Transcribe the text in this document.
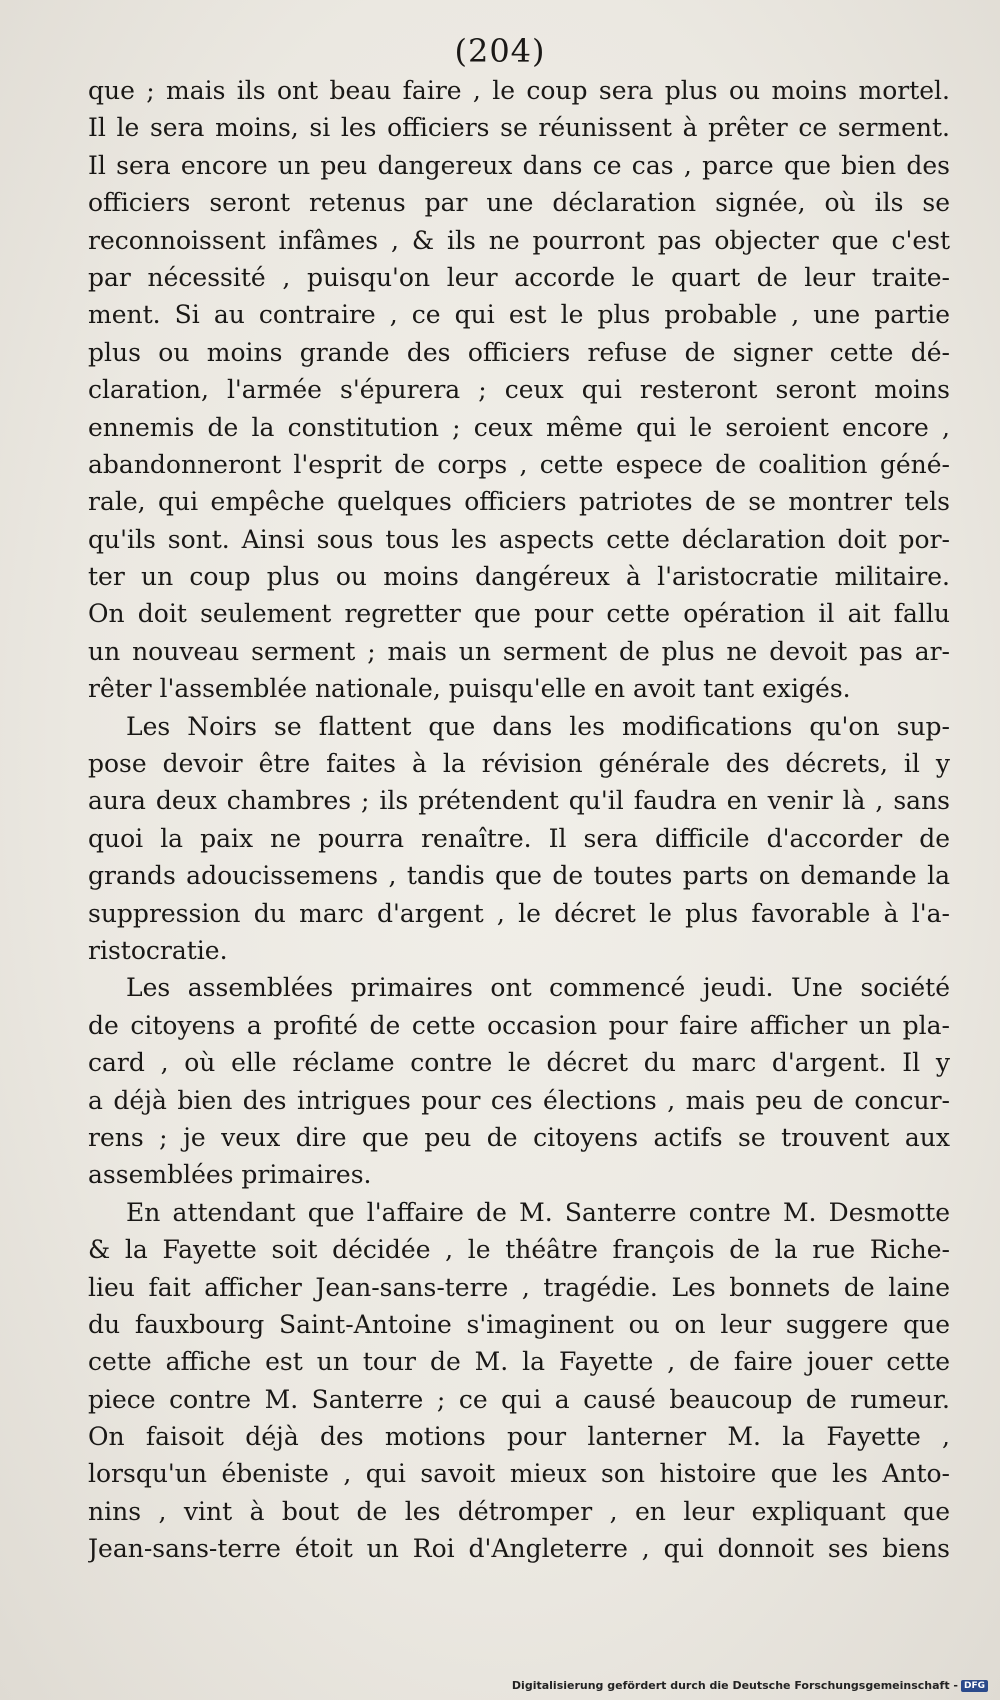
(204)
que ; mais ils ont beau faire , le coup sera plus ou moins mortel.
Il le sera moins, si les officiers se réunissent à prêter ce serment.
Il sera encore un peu dangereux dans ce cas , parce que bien des
officiers seront retenus par une déclaration signée, où ils se
reconnoissent infâmes , & ils ne pourront pas objecter que c'est
par nécessité , puisqu'on leur accorde le quart de leur traite-
ment. Si au contraire , ce qui est le plus probable , une partie
plus ou moins grande des officiers refuse de signer cette dé-
claration, l'armée s'épurera ; ceux qui resteront seront moins
ennemis de la constitution ; ceux même qui le seroient encore ,
abandonneront l'esprit de corps , cette espece de coalition géné-
rale, qui empêche quelques officiers patriotes de se montrer tels
qu'ils sont. Ainsi sous tous les aspects cette déclaration doit por-
ter un coup plus ou moins dangéreux à l'aristocratie militaire.
On doit seulement regretter que pour cette opération il ait fallu
un nouveau serment ; mais un serment de plus ne devoit pas ar-
rêter l'assemblée nationale, puisqu'elle en avoit tant exigés.
Les Noirs se flattent que dans les modifications qu'on sup-
pose devoir être faites à la révision générale des décrets, il y
aura deux chambres ; ils prétendent qu'il faudra en venir là , sans
quoi la paix ne pourra renaître. Il sera difficile d'accorder de
grands adoucissemens , tandis que de toutes parts on demande la
suppression du marc d'argent , le décret le plus favorable à l'a-
ristocratie.
Les assemblées primaires ont commencé jeudi. Une société
de citoyens a profité de cette occasion pour faire afficher un pla-
card , où elle réclame contre le décret du marc d'argent. Il y
a déjà bien des intrigues pour ces élections , mais peu de concur-
rens ; je veux dire que peu de citoyens actifs se trouvent aux
assemblées primaires.
En attendant que l'affaire de M. Santerre contre M. Desmotte
& la Fayette soit décidée , le théâtre françois de la rue Riche-
lieu fait afficher Jean-sans-terre , tragédie. Les bonnets de laine
du fauxbourg Saint-Antoine s'imaginent ou on leur suggere que
cette affiche est un tour de M. la Fayette , de faire jouer cette
piece contre M. Santerre ; ce qui a causé beaucoup de rumeur.
On faisoit déjà des motions pour lanterner M. la Fayette ,
lorsqu'un ébeniste , qui savoit mieux son histoire que les Anto-
nins , vint à bout de les détromper , en leur expliquant que
Jean-sans-terre étoit un Roi d'Angleterre , qui donnoit ses biens
Digitalisierung gefördert durch die Deutsche Forschungsgemeinschaft - DFG
